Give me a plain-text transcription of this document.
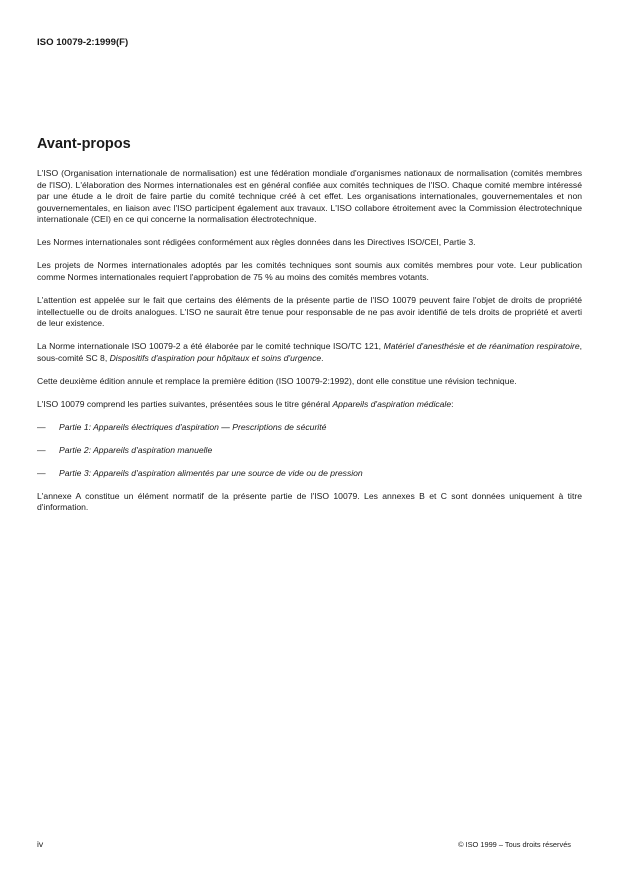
ISO 10079-2:1999(F)
Avant-propos

L'ISO (Organisation internationale de normalisation) est une fédération mondiale d'organismes nationaux de normalisation (comités membres de l'ISO). L'élaboration des Normes internationales est en général confiée aux comités techniques de l'ISO. Chaque comité membre intéressé par une étude a le droit de faire partie du comité technique créé à cet effet. Les organisations internationales, gouvernementales et non gouvernementales, en liaison avec l'ISO participent également aux travaux. L'ISO collabore étroitement avec la Commission électrotechnique internationale (CEI) en ce qui concerne la normalisation électrotechnique.

Les Normes internationales sont rédigées conformément aux règles données dans les Directives ISO/CEI, Partie 3.

Les projets de Normes internationales adoptés par les comités techniques sont soumis aux comités membres pour vote. Leur publication comme Normes internationales requiert l'approbation de 75 % au moins des comités membres votants.

L'attention est appelée sur le fait que certains des éléments de la présente partie de l'ISO 10079 peuvent faire l'objet de droits de propriété intellectuelle ou de droits analogues. L'ISO ne saurait être tenue pour responsable de ne pas avoir identifié de tels droits de propriété et averti de leur existence.

La Norme internationale ISO 10079-2 a été élaborée par le comité technique ISO/TC 121, Matériel d'anesthésie et de réanimation respiratoire, sous-comité SC 8, Dispositifs d'aspiration pour hôpitaux et soins d'urgence.

Cette deuxième édition annule et remplace la première édition (ISO 10079-2:1992), dont elle constitue une révision technique.

L'ISO 10079 comprend les parties suivantes, présentées sous le titre général Appareils d'aspiration médicale:

—	Partie 1: Appareils électriques d'aspiration — Prescriptions de sécurité
—	Partie 2: Appareils d'aspiration manuelle
—	Partie 3: Appareils d'aspiration alimentés par une source de vide ou de pression

L'annexe A constitue un élément normatif de la présente partie de l'ISO 10079. Les annexes B et C sont données uniquement à titre d'information.

iv	© ISO 1999 – Tous droits réservés
